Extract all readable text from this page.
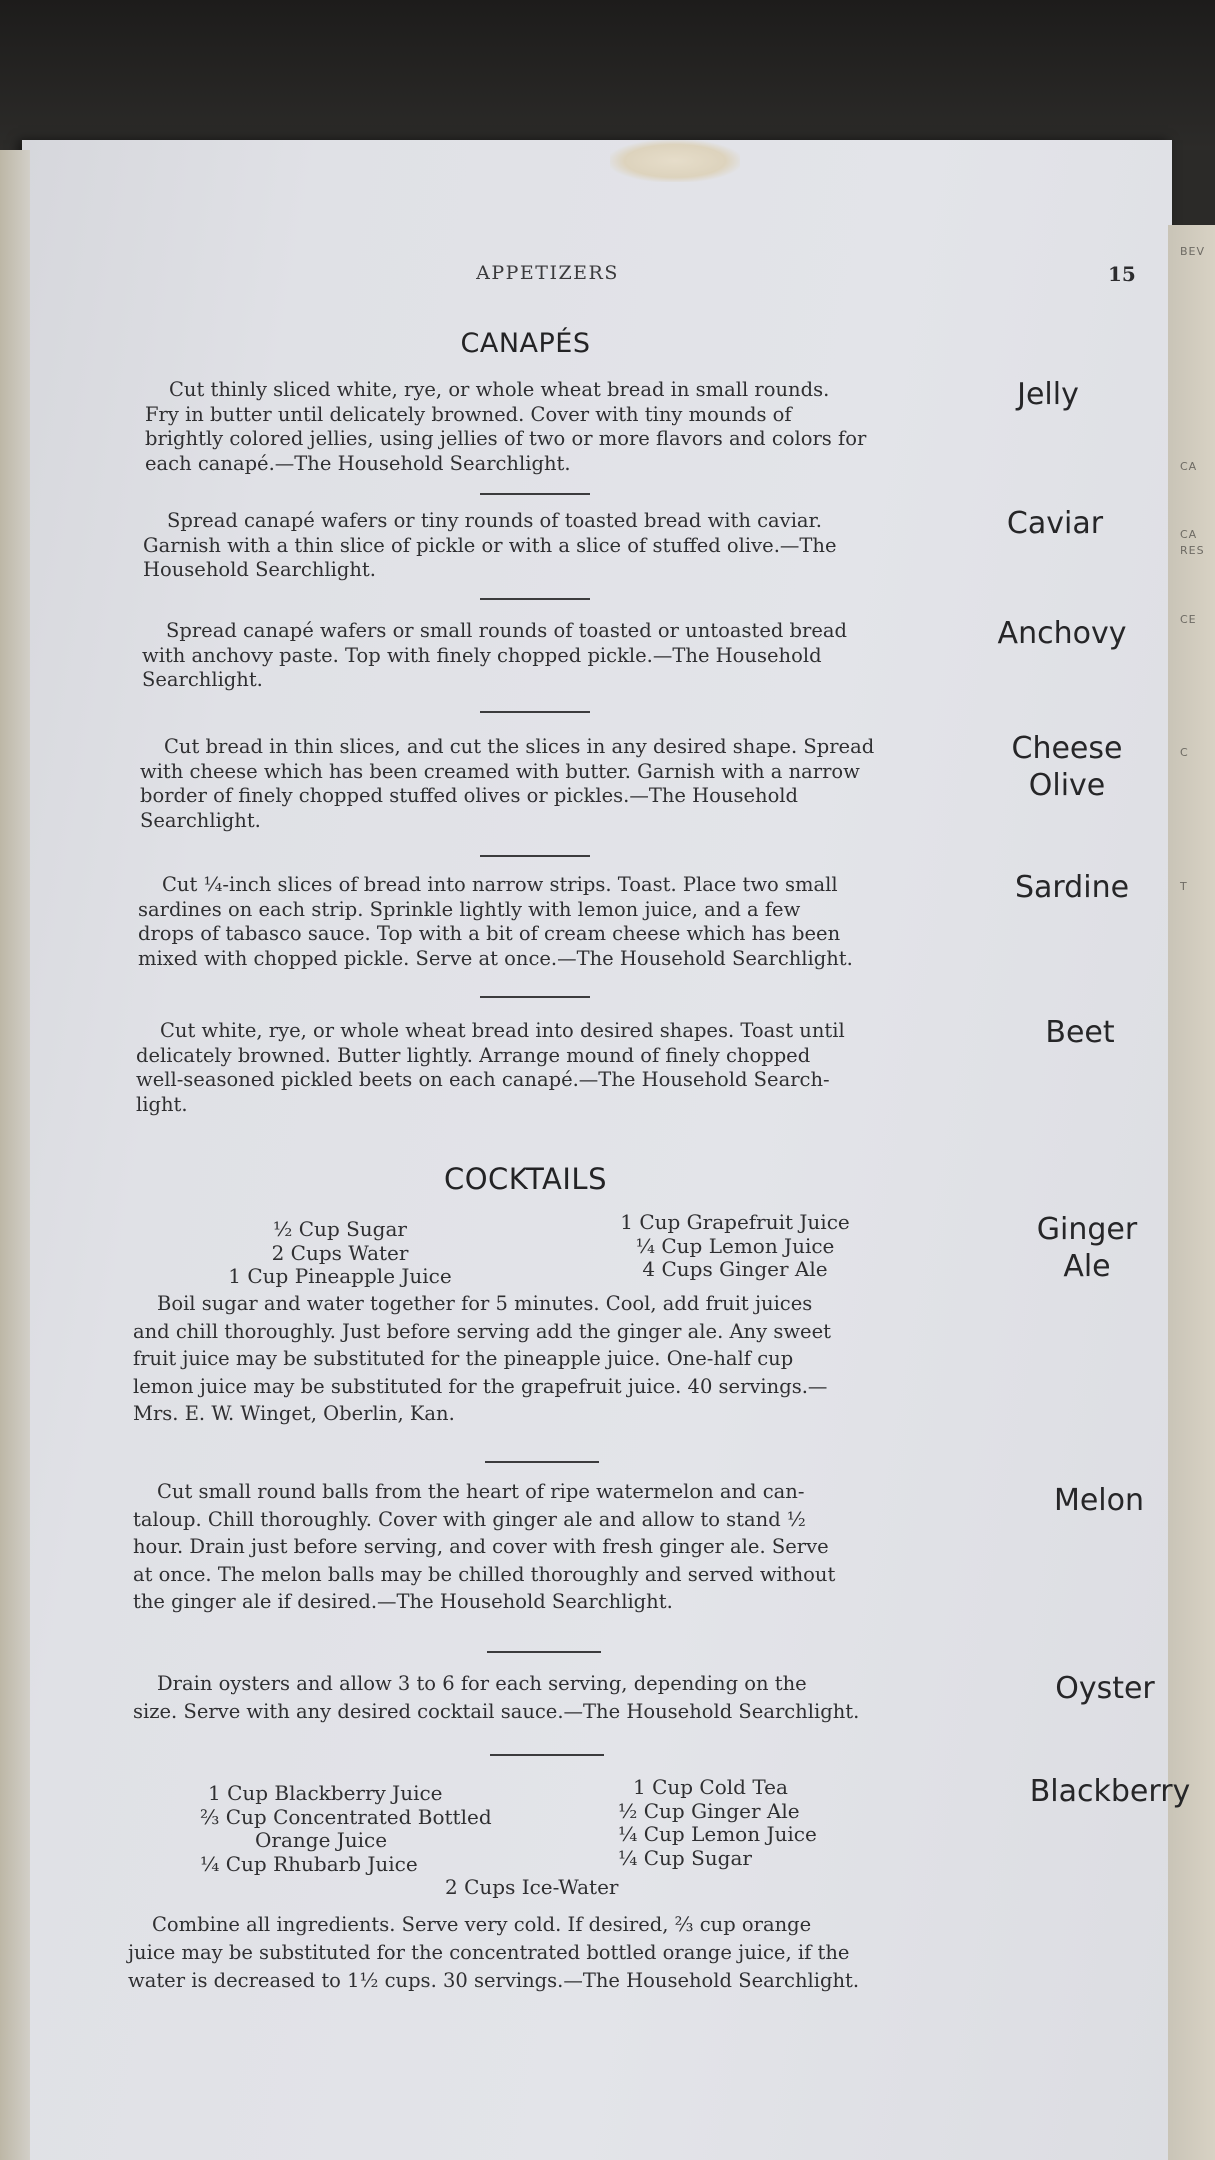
BEV
CA
CA
RES
CE
C
T
APPETIZERS	15
CANAPÉS
Cut thinly sliced white, rye, or whole wheat bread in small rounds.
Fry in butter until delicately browned. Cover with tiny mounds of
brightly colored jellies, using jellies of two or more flavors and colors for
each canapé.—The Household Searchlight.
Jelly
Spread canapé wafers or tiny rounds of toasted bread with caviar.
Garnish with a thin slice of pickle or with a slice of stuffed olive.—The
Household Searchlight.
Caviar
Spread canapé wafers or small rounds of toasted or untoasted bread
with anchovy paste. Top with finely chopped pickle.—The Household
Searchlight.
Anchovy
Cut bread in thin slices, and cut the slices in any desired shape. Spread
with cheese which has been creamed with butter. Garnish with a narrow
border of finely chopped stuffed olives or pickles.—The Household
Searchlight.
Cheese
Olive
Cut ¼-inch slices of bread into narrow strips. Toast. Place two small
sardines on each strip. Sprinkle lightly with lemon juice, and a few
drops of tabasco sauce. Top with a bit of cream cheese which has been
mixed with chopped pickle. Serve at once.—The Household Searchlight.
Sardine
Cut white, rye, or whole wheat bread into desired shapes. Toast until
delicately browned. Butter lightly. Arrange mound of finely chopped
well-seasoned pickled beets on each canapé.—The Household Search-
light.
Beet
COCKTAILS
½ Cup Sugar
2 Cups Water
1 Cup Pineapple Juice
1 Cup Grapefruit Juice
¼ Cup Lemon Juice
4 Cups Ginger Ale
Ginger
Ale
Boil sugar and water together for 5 minutes. Cool, add fruit juices
and chill thoroughly. Just before serving add the ginger ale. Any sweet
fruit juice may be substituted for the pineapple juice. One-half cup
lemon juice may be substituted for the grapefruit juice. 40 servings.—
Mrs. E. W. Winget, Oberlin, Kan.
Cut small round balls from the heart of ripe watermelon and can-
taloup. Chill thoroughly. Cover with ginger ale and allow to stand ½
hour. Drain just before serving, and cover with fresh ginger ale. Serve
at once. The melon balls may be chilled thoroughly and served without
the ginger ale if desired.—The Household Searchlight.
Melon
Drain oysters and allow 3 to 6 for each serving, depending on the
size. Serve with any desired cocktail sauce.—The Household Searchlight.
Oyster
1 Cup Blackberry Juice
⅔ Cup Concentrated Bottled
Orange Juice
¼ Cup Rhubarb Juice
1 Cup Cold Tea
½ Cup Ginger Ale
¼ Cup Lemon Juice
¼ Cup Sugar
2 Cups Ice-Water
Blackberry
Combine all ingredients. Serve very cold. If desired, ⅔ cup orange
juice may be substituted for the concentrated bottled orange juice, if the
water is decreased to 1½ cups. 30 servings.—The Household Searchlight.
